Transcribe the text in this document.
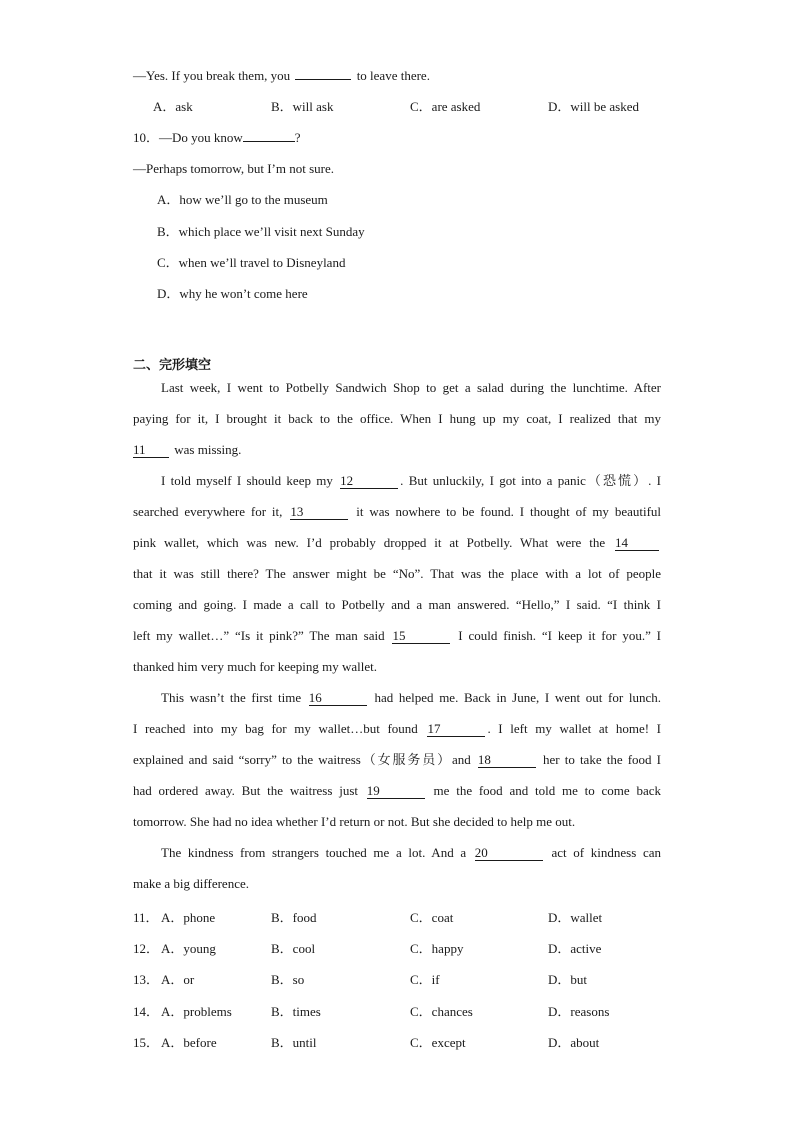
—Yes. If you break them, you	to leave there.
A．ask	B．will ask	C．are asked	D．will be asked
10．—Do you know	?
—Perhaps tomorrow, but I’m not sure.
A．how we’ll go to the museum
B．which place we’ll visit next Sunday
C．when we’ll travel to Disneyland
D．why he won’t come here
二、完形填空
Last week, I went to Potbelly Sandwich Shop to get a salad during the lunchtime. After
paying for it, I brought it back to the office. When I hung up my coat, I realized that my
11 was missing.
I told myself I should keep my 12	. But unluckily, I got into a panic（恐慌）. I
searched everywhere for it, 13	it was nowhere to be found. I thought of my beautiful
pink wallet, which was new. I’d probably dropped it at Potbelly. What were the 14
that it was still there? The answer might be “No”. That was the place with a lot of people
coming and going. I made a call to Potbelly and a man answered. “Hello,” I said. “I think I
left my wallet…” “Is it pink?” The man said 15	I could finish. “I keep it for you.” I
thanked him very much for keeping my wallet.
This wasn’t the first time 16	had helped me. Back in June, I went out for lunch.
I reached into my bag for my wallet…but found 17	. I left my wallet at home! I
explained and said “sorry” to the waitress（女服务员）and 18	her to take the food I
had ordered away. But the waitress just 19	me the food and told me to come back
tomorrow. She had no idea whether I’d return or not. But she decided to help me out.
The kindness from strangers touched me a lot. And a 20	act of kindness can
make a big difference.
11． A．phone	B．food	C．coat	D．wallet
12． A．young	B．cool	C．happy	D．active
13． A．or	B．so	C．if	D．but
14． A．problems	B．times	C．chances	D．reasons
15． A．before	B．until	C．except	D．about
